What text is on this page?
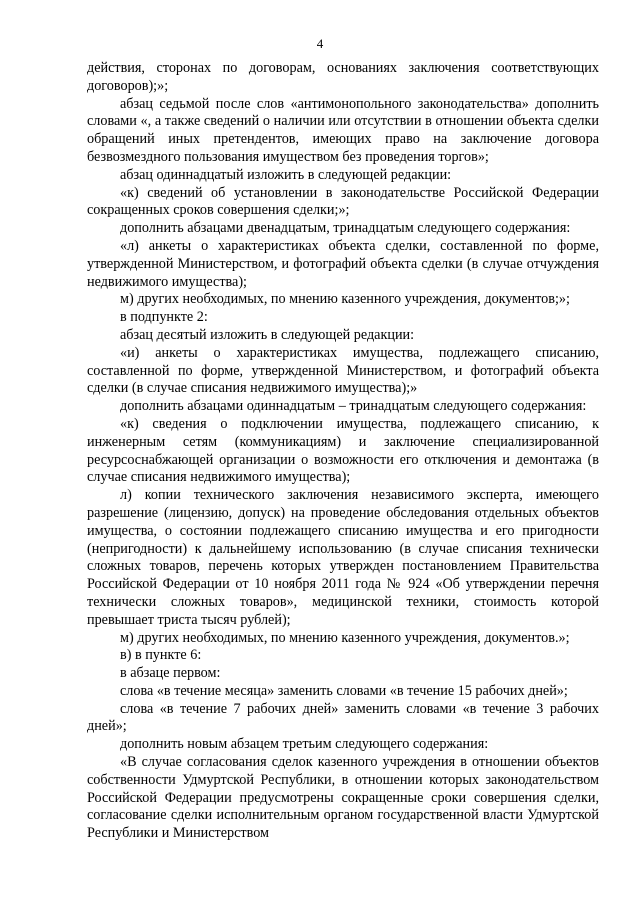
4

действия, сторонах по договорам, основаниях заключения соответствующих договоров);»;

абзац седьмой после слов «антимонопольного законодательства» дополнить словами «, а также сведений о наличии или отсутствии в отношении объекта сделки обращений иных претендентов, имеющих право на заключение договора безвозмездного пользования имуществом без проведения торгов»;

абзац одиннадцатый изложить в следующей редакции:

«к) сведений об установлении в законодательстве Российской Федерации сокращенных сроков совершения сделки;»;

дополнить абзацами двенадцатым, тринадцатым следующего содержания:

«л) анкеты о характеристиках объекта сделки, составленной по форме, утвержденной Министерством, и фотографий объекта сделки (в случае отчуждения недвижимого имущества);

м) других необходимых, по мнению казенного учреждения, документов;»;

в подпункте 2:

абзац десятый изложить в следующей редакции:

«и) анкеты о характеристиках имущества, подлежащего списанию, составленной по форме, утвержденной Министерством, и фотографий объекта сделки (в случае списания недвижимого имущества);»

дополнить абзацами одиннадцатым – тринадцатым следующего содержания:

«к) сведения о подключении имущества, подлежащего списанию, к инженерным сетям (коммуникациям) и заключение специализированной ресурсоснабжающей организации о возможности его отключения и демонтажа (в случае списания недвижимого имущества);

л) копии технического заключения независимого эксперта, имеющего разрешение (лицензию, допуск) на проведение обследования отдельных объектов имущества, о состоянии подлежащего списанию имущества и его пригодности (непригодности) к дальнейшему использованию (в случае списания технически сложных товаров, перечень которых утвержден постановлением Правительства Российской Федерации от 10 ноября 2011 года № 924 «Об утверждении перечня технически сложных товаров», медицинской техники, стоимость которой превышает триста тысяч рублей);

м) других необходимых, по мнению казенного учреждения, документов.»;

в) в пункте 6:

в абзаце первом:

слова «в течение месяца» заменить словами «в течение 15 рабочих дней»;

слова «в течение 7 рабочих дней» заменить словами «в течение 3 рабочих дней»;

дополнить новым абзацем третьим следующего содержания:

«В случае согласования сделок казенного учреждения в отношении объектов собственности Удмуртской Республики, в отношении которых законодательством Российской Федерации предусмотрены сокращенные сроки совершения сделки, согласование сделки исполнительным органом государственной власти Удмуртской Республики и Министерством
